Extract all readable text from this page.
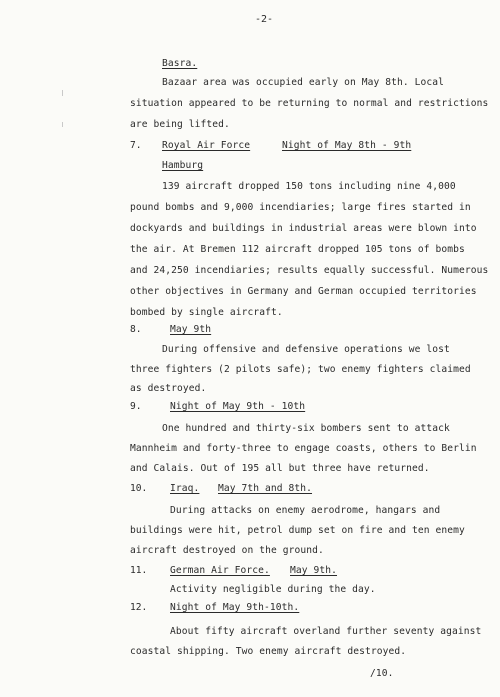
-2-
Basra.
Bazaar area was occupied early on May 8th. Local
situation appeared to be returning to normal and restrictions
are being lifted.
7. Royal Air Force	Night of May 8th - 9th
Hamburg
139 aircraft dropped 150 tons including nine 4,000
pound bombs and 9,000 incendiaries; large fires started in
dockyards and buildings in industrial areas were blown into
the air. At Bremen 112 aircraft dropped 105 tons of bombs
and 24,250 incendiaries; results equally successful. Numerous
other objectives in Germany and German occupied territories
bombed by single aircraft.
8.	May 9th
During offensive and defensive operations we lost
three fighters (2 pilots safe); two enemy fighters claimed
as destroyed.
9.	Night of May 9th - 10th
One hundred and thirty-six bombers sent to attack
Mannheim and forty-three to engage coasts, others to Berlin
and Calais. Out of 195 all but three have returned.
10. Iraq. May 7th and 8th.
During attacks on enemy aerodrome, hangars and
buildings were hit, petrol dump set on fire and ten enemy
aircraft destroyed on the ground.
11. German Air Force. May 9th.
Activity negligible during the day.
12. Night of May 9th-10th.
About fifty aircraft overland further seventy against
coastal shipping. Two enemy aircraft destroyed.
/10.
